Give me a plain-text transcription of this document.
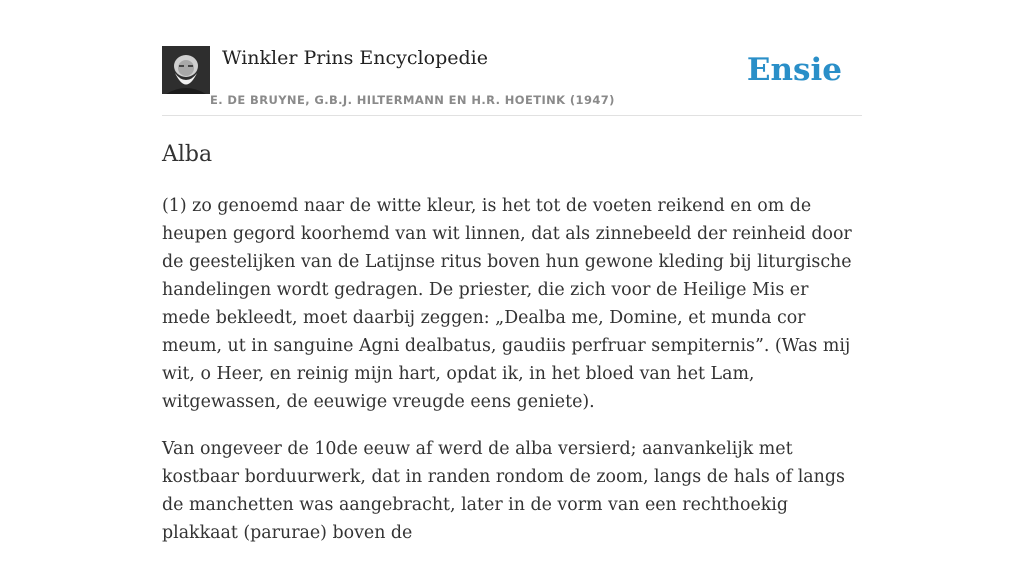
Winkler Prins Encyclopedie
E. DE BRUYNE, G.B.J. HILTERMANN EN H.R. HOETINK (1947)
Ensie
Alba

(1) zo genoemd naar de witte kleur, is het tot de voeten reikend en om de heupen gegord koorhemd van wit linnen, dat als zinnebeeld der reinheid door de geestelijken van de Latijnse ritus boven hun gewone kleding bij liturgische handelingen wordt gedragen. De priester, die zich voor de Heilige Mis er mede bekleedt, moet daarbij zeggen: „Dealba me, Domine, et munda cor meum, ut in sanguine Agni dealbatus, gaudiis perfruar sempiternis”. (Was mij wit, o Heer, en reinig mijn hart, opdat ik, in het bloed van het Lam, witgewassen, de eeuwige vreugde eens geniete).

Van ongeveer de 10de eeuw af werd de alba versierd; aanvankelijk met kostbaar borduurwerk, dat in randen rondom de zoom, langs de hals of langs de manchetten was aangebracht, later in de vorm van een rechthoekig plakkaat (parurae) boven de
